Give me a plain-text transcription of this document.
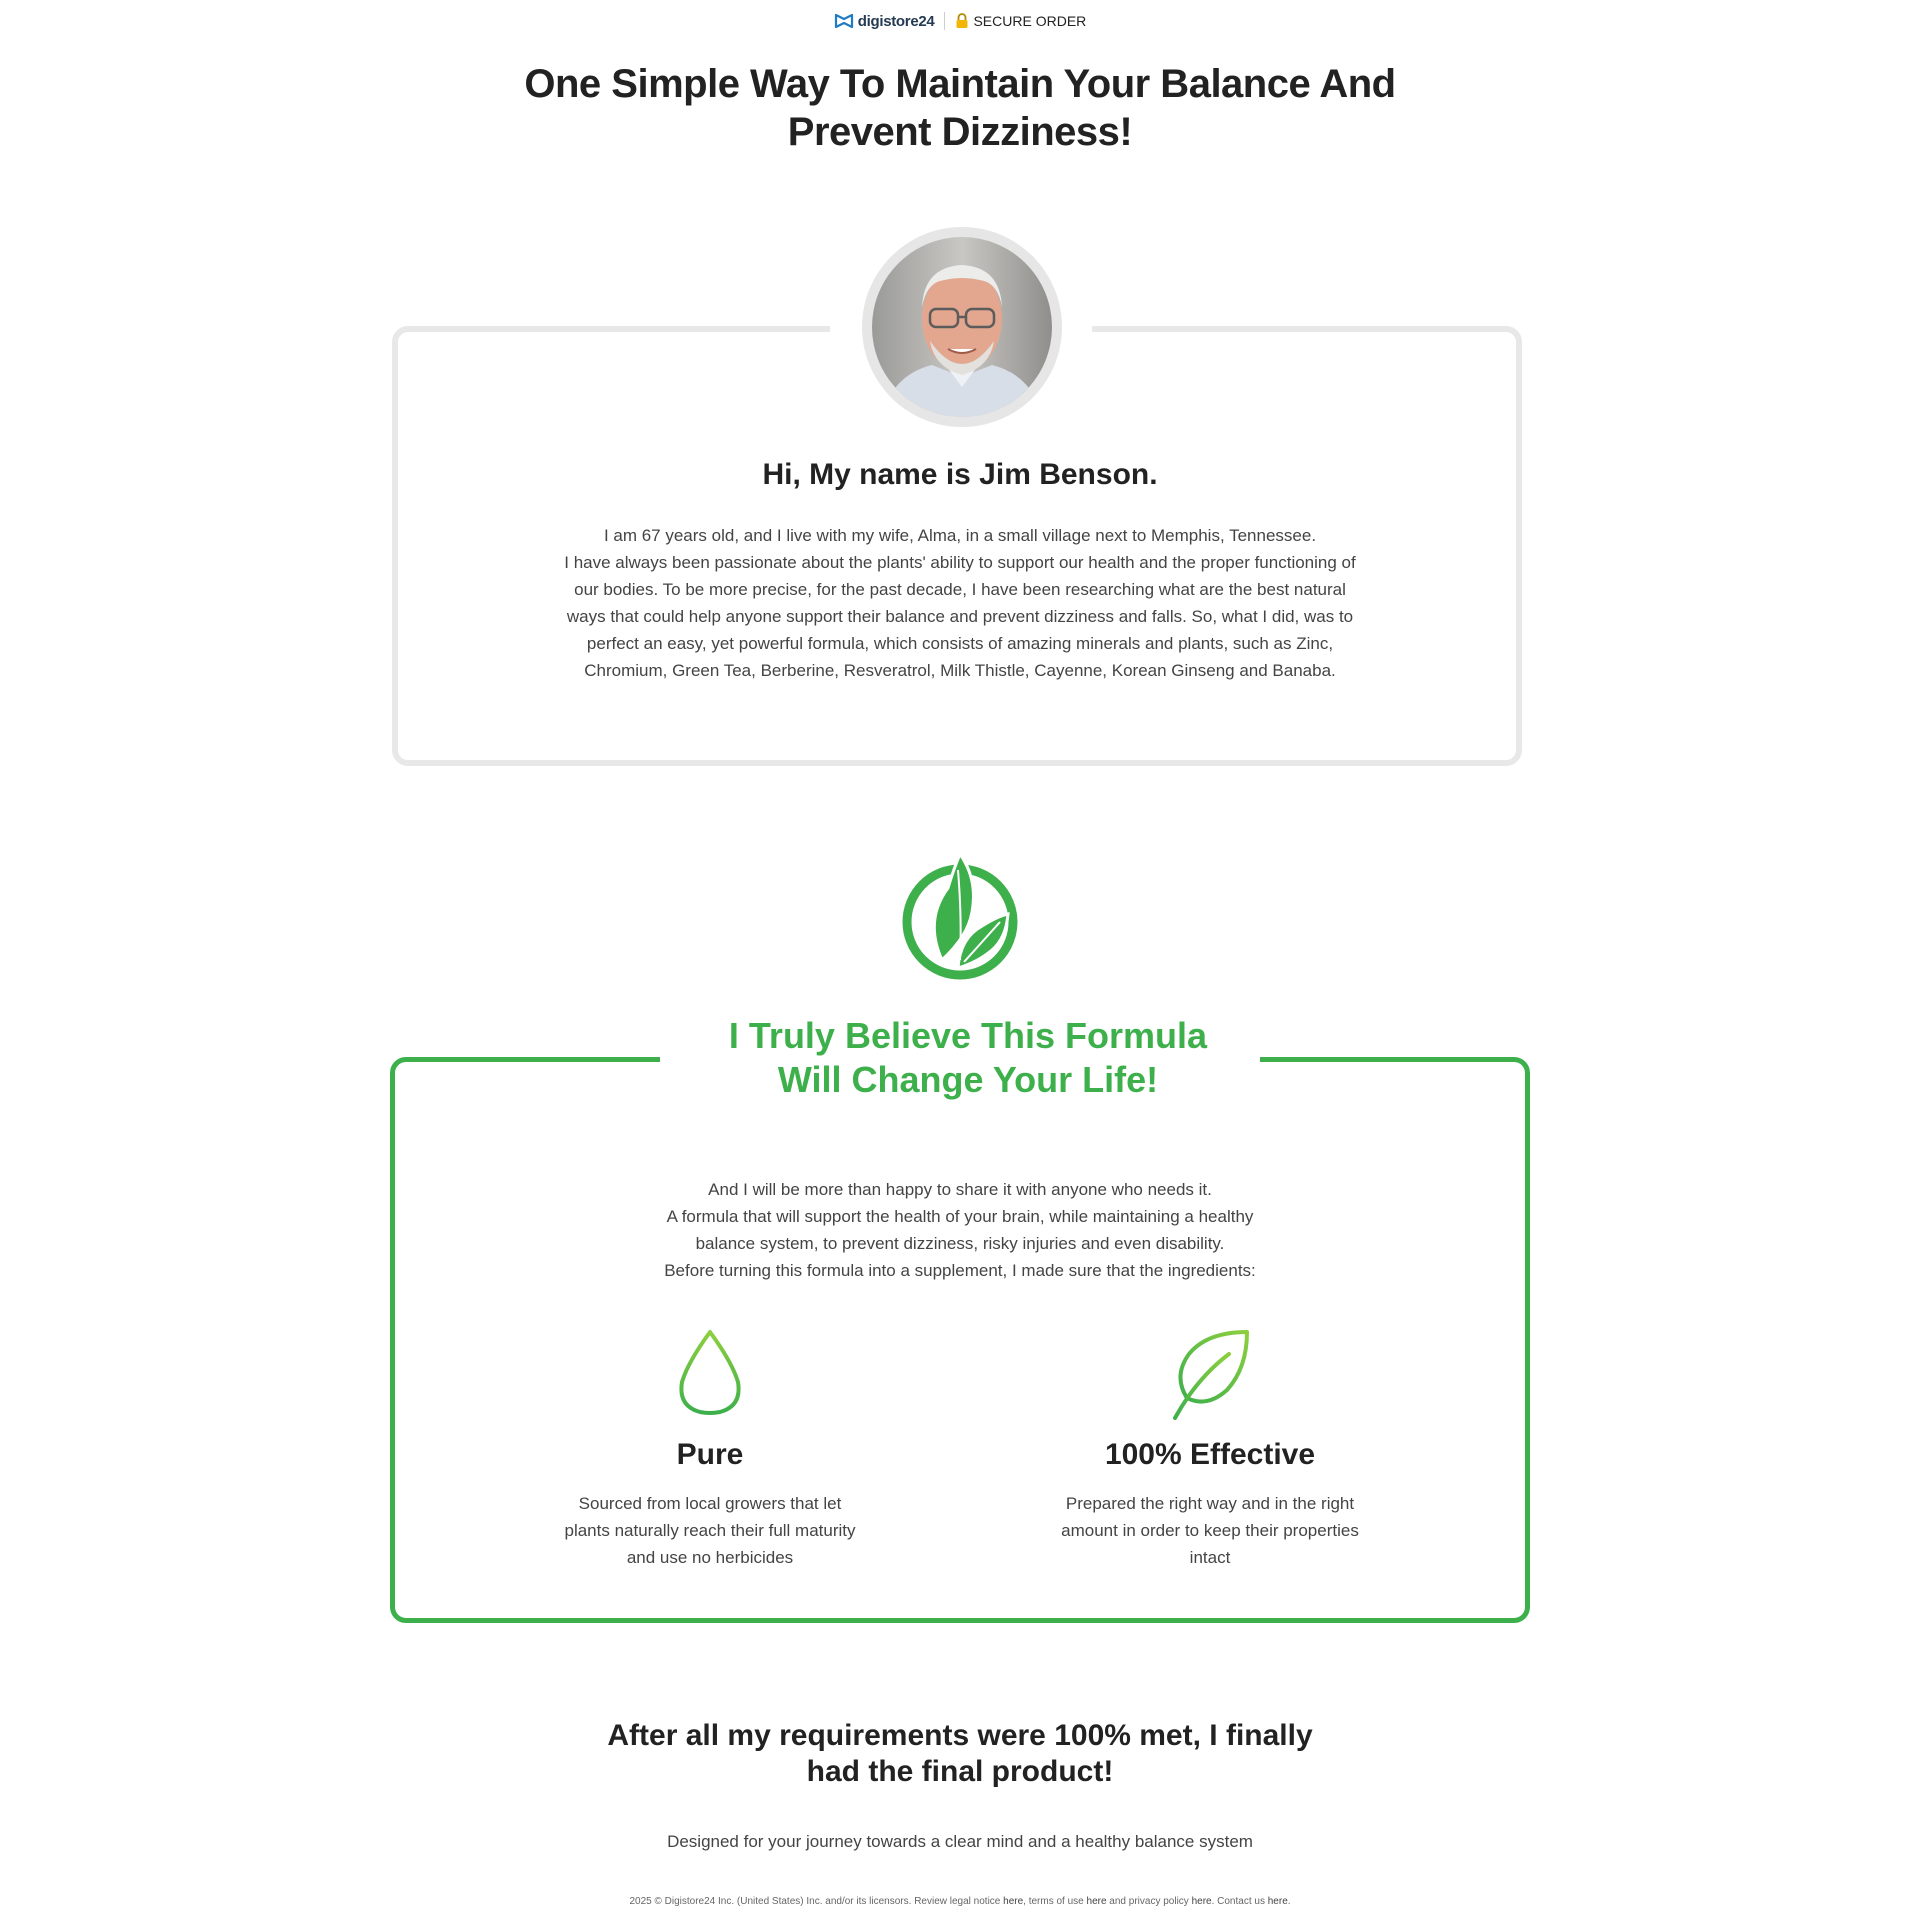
digistore24	SECURE ORDER
One Simple Way To Maintain Your Balance And Prevent Dizziness!
Hi, My name is Jim Benson.

I am 67 years old, and I live with my wife, Alma, in a small village next to Memphis, Tennessee.

I have always been passionate about the plants' ability to support our health and the proper functioning of our bodies. To be more precise, for the past decade, I have been researching what are the best natural ways that could help anyone support their balance and prevent dizziness and falls. So, what I did, was to perfect an easy, yet powerful formula, which consists of amazing minerals and plants, such as Zinc, Chromium, Green Tea, Berberine, Resveratrol, Milk Thistle, Cayenne, Korean Ginseng and Banaba.

I Truly Believe This Formula
Will Change Your Life!

And I will be more than happy to share it with anyone who needs it.

A formula that will support the health of your brain, while maintaining a healthy balance system, to prevent dizziness, risky injuries and even disability.

Before turning this formula into a supplement, I made sure that the ingredients:

Pure

Sourced from local growers that let plants naturally reach their full maturity and use no herbicides

100% Effective

Prepared the right way and in the right amount in order to keep their properties intact

After all my requirements were 100% met, I finally
had the final product!

Designed for your journey towards a clear mind and a healthy balance system

2025 © Digistore24 Inc. (United States) Inc. and/or its licensors. Review legal notice here, terms of use here and privacy policy here. Contact us here.
